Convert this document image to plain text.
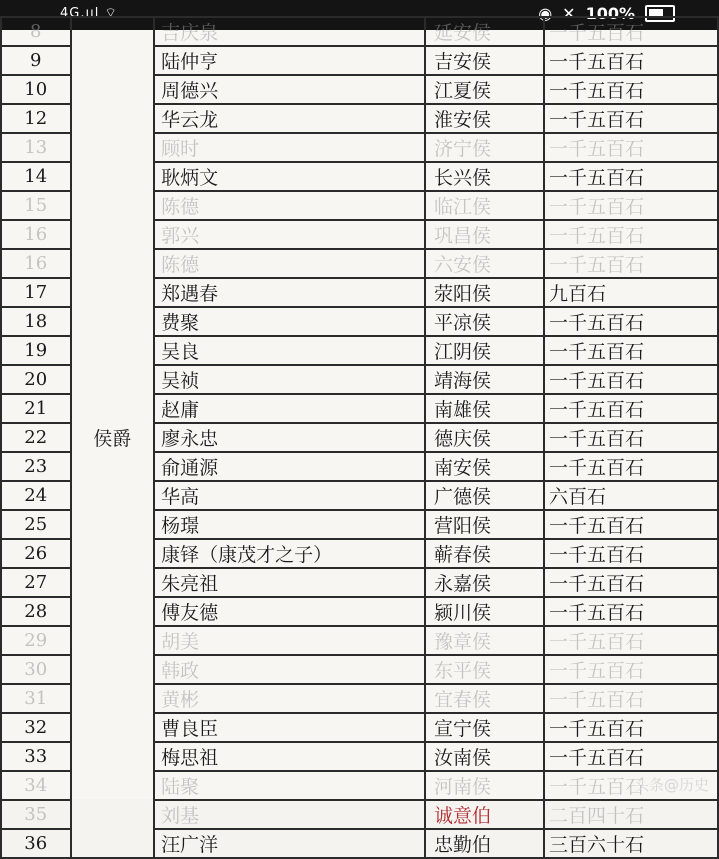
4G.ııl ⌔	◉ ✕ 100%
8	侯爵	吉庆泉	延安侯	一千五百石
9		陆仲亨	吉安侯	一千五百石
10		周德兴	江夏侯	一千五百石
12		华云龙	淮安侯	一千五百石
13		顾时	济宁侯	一千五百石
14		耿炳文	长兴侯	一千五百石
15		陈德	临江侯	一千五百石
16		郭兴	巩昌侯	一千五百石
16		陈德	六安侯	一千五百石
17		郑遇春	荥阳侯	九百石
18		费聚	平凉侯	一千五百石
19		吴良	江阴侯	一千五百石
20		吴祯	靖海侯	一千五百石
21		赵庸	南雄侯	一千五百石
22		廖永忠	德庆侯	一千五百石
23		俞通源	南安侯	一千五百石
24		华高	广德侯	六百石
25		杨璟	营阳侯	一千五百石
26		康铎（康茂才之子）	蕲春侯	一千五百石
27		朱亮祖	永嘉侯	一千五百石
28		傅友德	颍川侯	一千五百石
29		胡美	豫章侯	一千五百石
30		韩政	东平侯	一千五百石
31		黄彬	宜春侯	一千五百石
32		曹良臣	宣宁侯	一千五百石
33		梅思祖	汝南侯	一千五百石
34		陆聚	河南侯	一千五百石
35		刘基	诚意伯	二百四十石
36		汪广洋	忠勤伯	三百六十石
头条@历史
